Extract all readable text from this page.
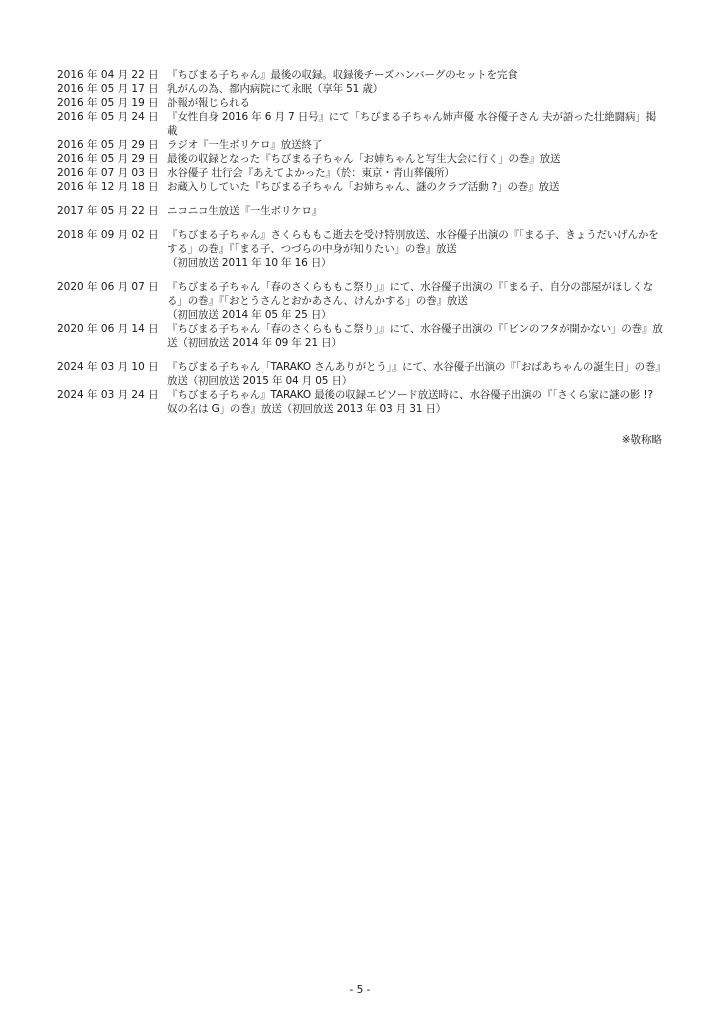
2016 年 04 月 22 日 『ちびまる子ちゃん』最後の収録。収録後チーズハンバーグのセットを完食
2016 年 05 月 17 日 乳がんの為、都内病院にて永眠（享年 51 歳）
2016 年 05 月 19 日 訃報が報じられる
2016 年 05 月 24 日 『女性自身 2016 年 6 月 7 日号』にて「ちびまる子ちゃん姉声優 水谷優子さん 夫が語った壮絶闘病」掲載
2016 年 05 月 29 日 ラジオ『一生ボリケロ』放送終了
2016 年 05 月 29 日 最後の収録となった『ちびまる子ちゃん「お姉ちゃんと写生大会に行く」の巻』放送
2016 年 07 月 03 日 水谷優子 壮行会『あえてよかった』（於：東京・青山葬儀所）
2016 年 12 月 18 日 お蔵入りしていた『ちびまる子ちゃん「お姉ちゃん、謎のクラブ活動 ?」の巻』放送
2017 年 05 月 22 日 ニコニコ生放送『一生ボリケロ』
2018 年 09 月 02 日 『ちびまる子ちゃん』さくらももこ逝去を受け特別放送、水谷優子出演の『「まる子、きょうだいげんかをする」の巻』『「まる子、つづらの中身が知りたい」の巻』放送
（初回放送 2011 年 10 年 16 日）
2020 年 06 月 07 日 『ちびまる子ちゃん「春のさくらももこ祭り」』にて、水谷優子出演の『「まる子、自分の部屋がほしくなる」の巻』『「おとうさんとおかあさん、けんかする」の巻』放送
（初回放送 2014 年 05 年 25 日）
2020 年 06 月 14 日 『ちびまる子ちゃん「春のさくらももこ祭り」』にて、水谷優子出演の『「ビンのフタが開かない」の巻』放送（初回放送 2014 年 09 年 21 日）
2024 年 03 月 10 日 『ちびまる子ちゃん「TARAKO さんありがとう」』にて、水谷優子出演の『「おばあちゃんの誕生日」の巻』放送（初回放送 2015 年 04 月 05 日）
2024 年 03 月 24 日 『ちびまる子ちゃん』TARAKO 最後の収録エピソード放送時に、水谷優子出演の『「さくら家に謎の影 !? 奴の名は G」の巻』放送（初回放送 2013 年 03 月 31 日）
※敬称略
- 5 -
